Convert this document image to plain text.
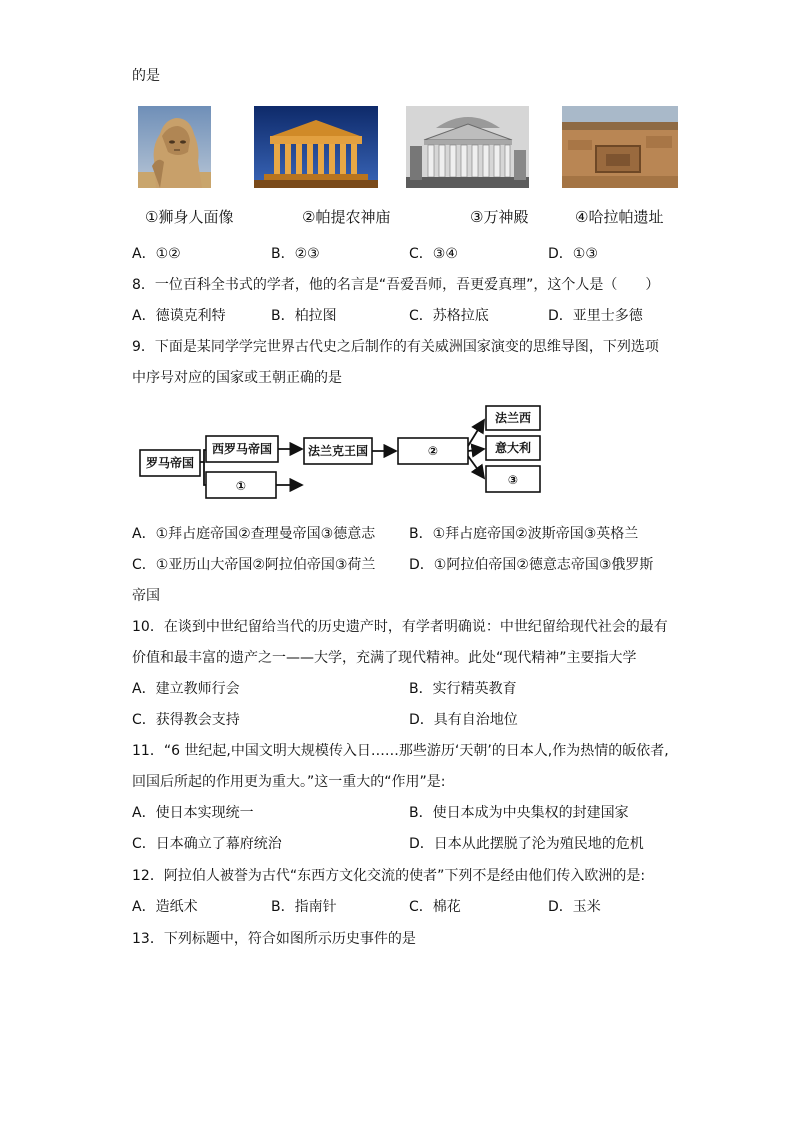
的是
①狮身人面像	②帕提农神庙	③万神殿	④哈拉帕遗址
A．①②	B．②③	C．③④	D．①③
8．一位百科全书式的学者，他的名言是“吾爱吾师，吾更爱真理”，这个人是（　　）
A．德谟克利特	B．柏拉图	C．苏格拉底	D．亚里士多德
9．下面是某同学学完世界古代史之后制作的有关威洲国家演变的思维导图，下列选项
中序号对应的国家或王朝正确的是
罗马帝国
西罗马帝国
①
法兰克王国	②
法兰西
意大利
③
A．①拜占庭帝国②查理曼帝国③德意志 B．①拜占庭帝国②波斯帝国③英格兰
C．①亚历山大帝国②阿拉伯帝国③荷兰 D．①阿拉伯帝国②德意志帝国③俄罗斯
帝国
10．在谈到中世纪留给当代的历史遗产时，有学者明确说：中世纪留给现代社会的最有
价值和最丰富的遗产之一——大学，充满了现代精神。此处“现代精神”主要指大学
A．建立教师行会	B．实行精英教育
C．获得教会支持	D．具有自治地位
11．“6 世纪起,中国文明大规模传入日……那些游历‘天朝’的日本人,作为热情的皈依者,
回国后所起的作用更为重大。”这一重大的“作用”是:
A．使日本实现统一	B．使日本成为中央集权的封建国家
C．日本确立了幕府统治	D．日本从此摆脱了沦为殖民地的危机
12．阿拉伯人被誉为古代“东西方文化交流的使者”下列不是经由他们传入欧洲的是:
A．造纸术	B．指南针	C．棉花	D．玉米
13．下列标题中，符合如图所示历史事件的是
